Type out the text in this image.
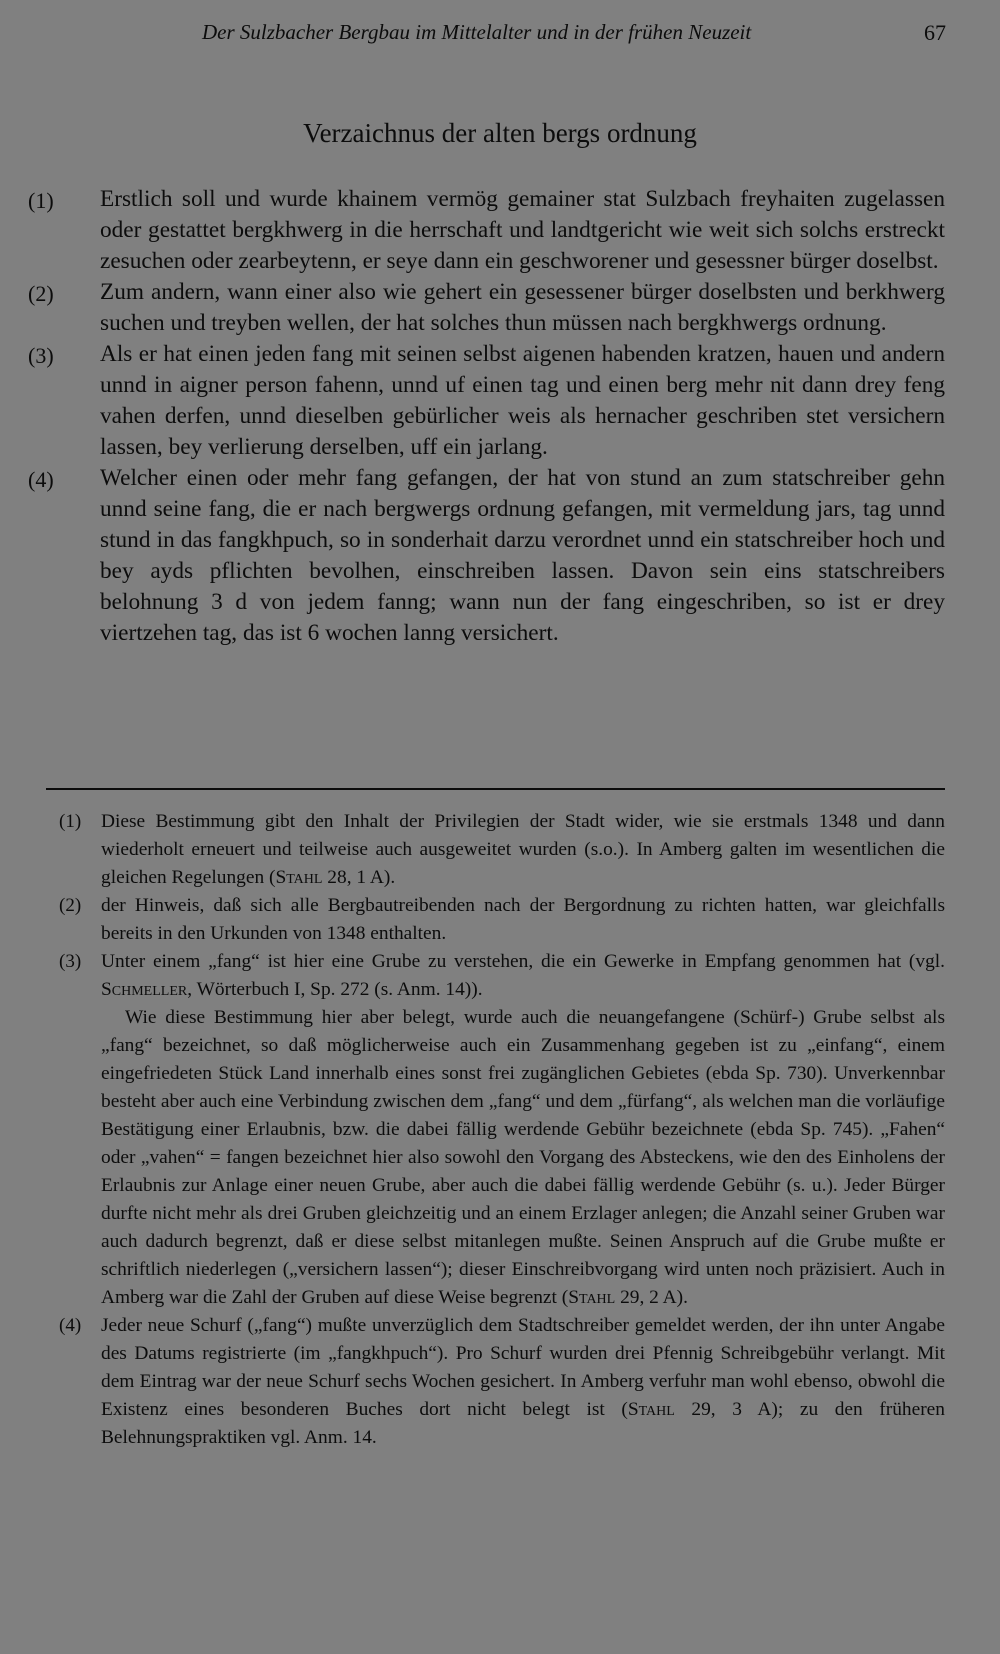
Der Sulzbacher Bergbau im Mittelalter und in der frühen Neuzeit	67
Verzaichnus der alten bergs ordnung

(1) Erstlich soll und wurde khainem vermög gemainer stat Sulzbach freyhaiten zugelassen oder gestattet bergkhwerg in die herrschaft und landtgericht wie weit sich solchs erstreckt zesuchen oder zearbeytenn, er seye dann ein geschworener und gesessner bürger doselbst.

(2) Zum andern, wann einer also wie gehert ein gesessener bürger doselbsten und berkhwerg suchen und treyben wellen, der hat solches thun müssen nach bergkhwergs ordnung.

(3) Als er hat einen jeden fang mit seinen selbst aigenen habenden kratzen, hauen und andern unnd in aigner person fahenn, unnd uf einen tag und einen berg mehr nit dann drey feng vahen derfen, unnd dieselben gebürlicher weis als hernacher geschriben stet versichern lassen, bey verlierung derselben, uff ein jarlang.

(4) Welcher einen oder mehr fang gefangen, der hat von stund an zum statschreiber gehn unnd seine fang, die er nach bergwergs ordnung gefangen, mit vermeldung jars, tag unnd stund in das fangkhpuch, so in sonderhait darzu verordnet unnd ein statschreiber hoch und bey ayds pflichten bevolhen, einschreiben lassen. Davon sein eins statschreibers belohnung 3 d von jedem fanng; wann nun der fang eingeschriben, so ist er drey viertzehen tag, das ist 6 wochen lanng versichert.

(1) Diese Bestimmung gibt den Inhalt der Privilegien der Stadt wider, wie sie erstmals 1348 und dann wiederholt erneuert und teilweise auch ausgeweitet wurden (s.o.). In Amberg galten im wesentlichen die gleichen Regelungen (Stahl 28, 1 A).

(2) der Hinweis, daß sich alle Bergbautreibenden nach der Bergordnung zu richten hatten, war gleichfalls bereits in den Urkunden von 1348 enthalten.

(3) Unter einem „fang“ ist hier eine Grube zu verstehen, die ein Gewerke in Empfang genommen hat (vgl. Schmeller, Wörterbuch I, Sp. 272 (s. Anm. 14)).

Wie diese Bestimmung hier aber belegt, wurde auch die neuangefangene (Schürf-) Grube selbst als „fang“ bezeichnet, so daß möglicherweise auch ein Zusammenhang gegeben ist zu „einfang“, einem eingefriedeten Stück Land innerhalb eines sonst frei zugänglichen Gebietes (ebda Sp. 730). Unverkennbar besteht aber auch eine Verbindung zwischen dem „fang“ und dem „fürfang“, als welchen man die vorläufige Bestätigung einer Erlaubnis, bzw. die dabei fällig werdende Gebühr bezeichnete (ebda Sp. 745). „Fahen“ oder „vahen“ = fangen bezeichnet hier also sowohl den Vorgang des Absteckens, wie den des Einholens der Erlaubnis zur Anlage einer neuen Grube, aber auch die dabei fällig werdende Gebühr (s. u.). Jeder Bürger durfte nicht mehr als drei Gruben gleichzeitig und an einem Erzlager anlegen; die Anzahl seiner Gruben war auch dadurch begrenzt, daß er diese selbst mitanlegen mußte. Seinen Anspruch auf die Grube mußte er schriftlich niederlegen („versichern lassen“); dieser Einschreibvorgang wird unten noch präzisiert. Auch in Amberg war die Zahl der Gruben auf diese Weise begrenzt (Stahl 29, 2 A).

(4) Jeder neue Schurf („fang“) mußte unverzüglich dem Stadtschreiber gemeldet werden, der ihn unter Angabe des Datums registrierte (im „fangkhpuch“). Pro Schurf wurden drei Pfennig Schreibgebühr verlangt. Mit dem Eintrag war der neue Schurf sechs Wochen gesichert. In Amberg verfuhr man wohl ebenso, obwohl die Existenz eines besonderen Buches dort nicht belegt ist (Stahl 29, 3 A); zu den früheren Belehnungspraktiken vgl. Anm. 14.
